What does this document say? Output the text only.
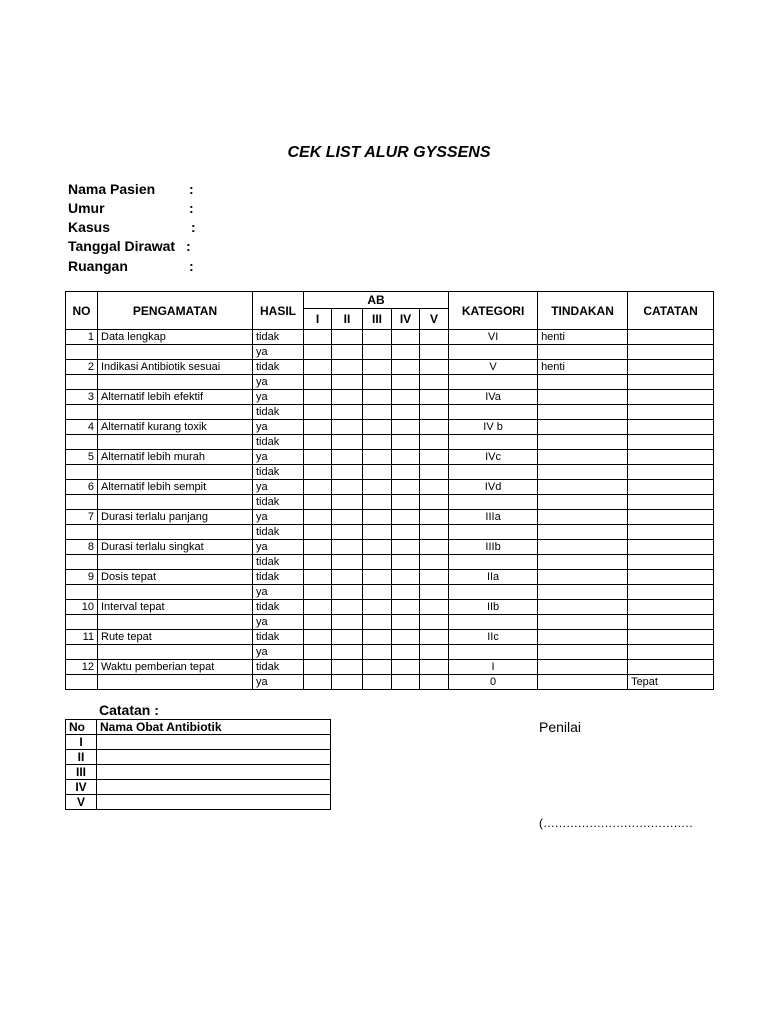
CEK LIST ALUR GYSSENS
Nama Pasien :
Umur	:
Kasus	:
Tanggal Dirawat :
Ruangan	:
NO	PENGAMATAN	HASIL	AB					KATEGORI	TINDAKAN	CATATAN
			I	II	III	IV	V			
1	Data lengkap	tidak						VI	henti	
		ya								
2	Indikasi Antibiotik sesuai	tidak						V	henti	
		ya								
3	Alternatif lebih efektif	ya						IVa		
		tidak								
4	Alternatif kurang toxik	ya						IV b		
		tidak								
5	Alternatif lebih murah	ya						IVc		
		tidak								
6	Alternatif lebih sempit	ya						IVd		
		tidak								
7	Durasi terlalu panjang	ya						IIIa		
		tidak								
8	Durasi terlalu singkat	ya						IIIb		
		tidak								
9	Dosis tepat	tidak						IIa		
		ya								
10	Interval tepat	tidak						IIb		
		ya								
11	Rute tepat	tidak						IIc		
		ya								
12	Waktu pemberian tepat	tidak						I		
		ya						0		Tepat
Catatan :
No	Nama Obat Antibiotik
I	
II	
III	
IV	
V	
Penilai
(.......................................
